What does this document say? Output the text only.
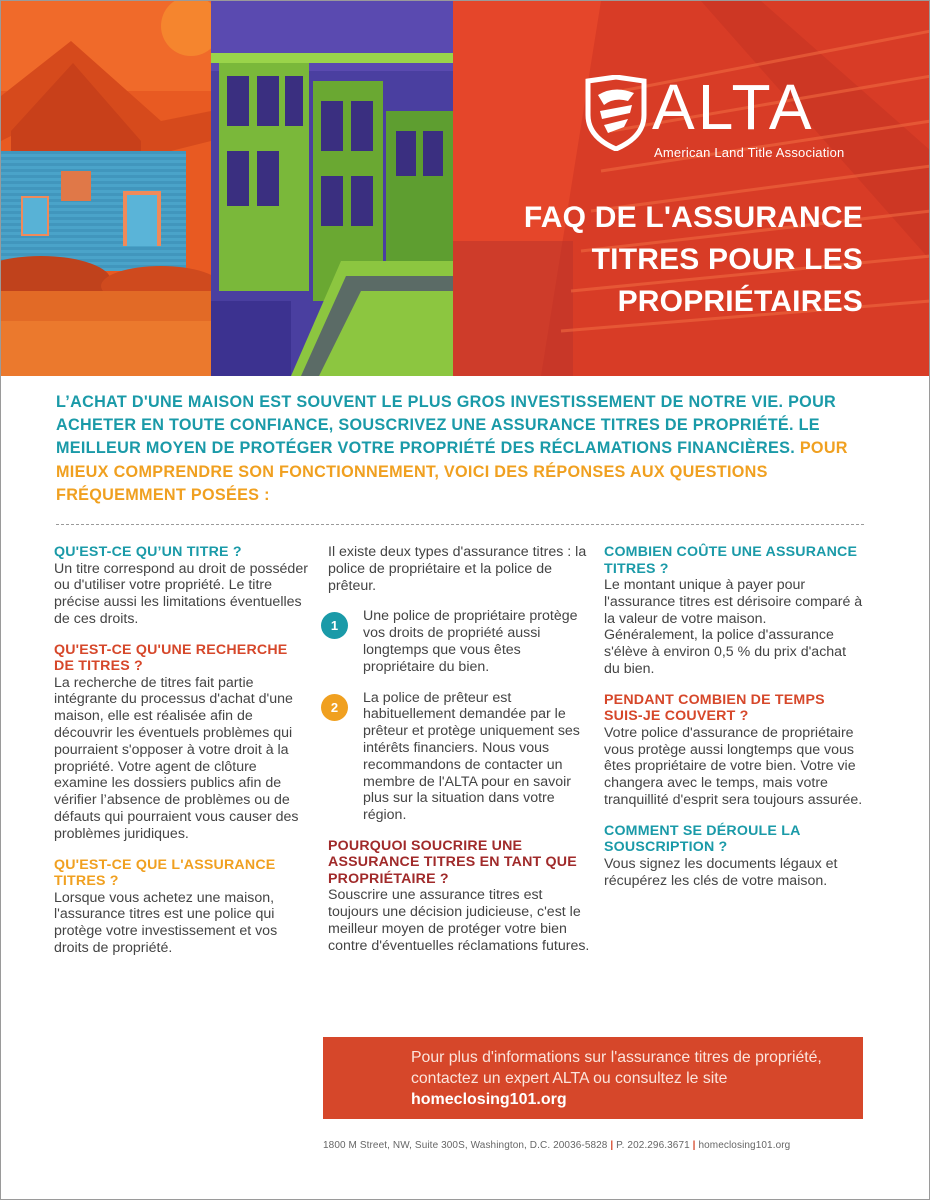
ALTA
American Land Title Association
FAQ DE L'ASSURANCE
TITRES POUR LES
PROPRIÉTAIRES

L’ACHAT D'UNE MAISON EST SOUVENT LE PLUS GROS INVESTISSEMENT DE NOTRE VIE. POUR ACHETER EN TOUTE CONFIANCE, SOUSCRIVEZ UNE ASSURANCE TITRES DE PROPRIÉTÉ. LE MEILLEUR MOYEN DE PROTÉGER VOTRE PROPRIÉTÉ DES RÉCLAMATIONS FINANCIÈRES. POUR MIEUX COMPRENDRE SON FONCTIONNEMENT, VOICI DES RÉPONSES AUX QUESTIONS FRÉQUEMMENT POSÉES :

QU'EST-CE QU’UN TITRE ?

Un titre correspond au droit de posséder ou d'utiliser votre propriété. Le titre précise aussi les limitations éventuelles de ces droits.

QU'EST-CE QU'UNE RECHERCHE DE TITRES ?

La recherche de titres fait partie intégrante du processus d'achat d'une maison, elle est réalisée afin de découvrir les éventuels problèmes qui pourraient s'opposer à votre droit à la propriété. Votre agent de clôture examine les dossiers publics afin de vérifier l’absence de problèmes ou de défauts qui pourraient vous causer des problèmes juridiques.

QU'EST-CE QUE L'ASSURANCE TITRES ?

Lorsque vous achetez une maison, l'assurance titres est une police qui protège votre investissement et vos droits de propriété.

Il existe deux types d'assurance titres : la police de propriétaire et la police de prêteur.

1

Une police de propriétaire protège vos droits de propriété aussi longtemps que vous êtes propriétaire du bien.

2

La police de prêteur est habituellement demandée par le prêteur et protège uniquement ses intérêts financiers. Nous vous recommandons de contacter un membre de l'ALTA pour en savoir plus sur la situation dans votre région.

POURQUOI SOUCRIRE UNE ASSURANCE TITRES EN TANT QUE PROPRIÉTAIRE ?

Souscrire une assurance titres est toujours une décision judicieuse, c'est le meilleur moyen de protéger votre bien contre d'éventuelles réclamations futures.

COMBIEN COÛTE UNE ASSURANCE TITRES ?

Le montant unique à payer pour l'assurance titres est dérisoire comparé à la valeur de votre maison. Généralement, la police d'assurance s'élève à environ 0,5 % du prix d'achat du bien.

PENDANT COMBIEN DE TEMPS SUIS-JE COUVERT ?

Votre police d'assurance de propriétaire vous protège aussi longtemps que vous êtes propriétaire de votre bien. Votre vie changera avec le temps, mais votre tranquillité d'esprit sera toujours assurée.

COMMENT SE DÉROULE LA SOUSCRIPTION ?

Vous signez les documents légaux et récupérez les clés de votre maison.

Pour plus d'informations sur l'assurance titres de propriété, contactez un expert ALTA ou consultez le site homeclosing101.org
1800 M Street, NW, Suite 300S, Washington, D.C. 20036-5828 | P. 202.296.3671 | homeclosing101.org
